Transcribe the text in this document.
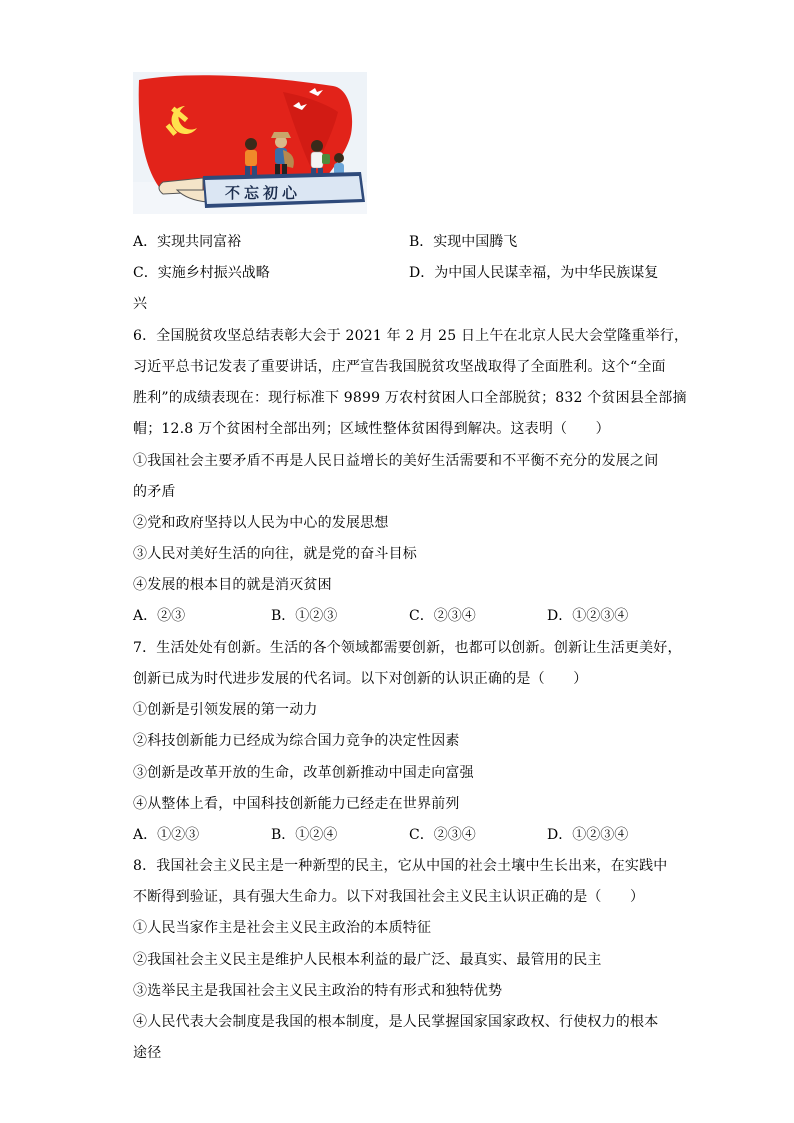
不忘初心
A．实现共同富裕	B．实现中国腾飞
C．实施乡村振兴战略	D．为中国人民谋幸福，为中华民族谋复
兴
6．全国脱贫攻坚总结表彰大会于 2021 年 2 月 25 日上午在北京人民大会堂隆重举行，
习近平总书记发表了重要讲话，庄严宣告我国脱贫攻坚战取得了全面胜利。这个“全面
胜利”的成绩表现在：现行标准下 9899 万农村贫困人口全部脱贫；832 个贫困县全部摘
帽；12.8 万个贫困村全部出列；区域性整体贫困得到解决。这表明（　　）
①我国社会主要矛盾不再是人民日益增长的美好生活需要和不平衡不充分的发展之间
的矛盾
②党和政府坚持以人民为中心的发展思想
③人民对美好生活的向往，就是党的奋斗目标
④发展的根本目的就是消灭贫困
A．②③	B．①②③	C．②③④	D．①②③④
7．生活处处有创新。生活的各个领域都需要创新，也都可以创新。创新让生活更美好，
创新已成为时代进步发展的代名词。以下对创新的认识正确的是（　　）
①创新是引领发展的第一动力
②科技创新能力已经成为综合国力竞争的决定性因素
③创新是改革开放的生命，改革创新推动中国走向富强
④从整体上看，中国科技创新能力已经走在世界前列
A．①②③	B．①②④	C．②③④	D．①②③④
8．我国社会主义民主是一种新型的民主，它从中国的社会土壤中生长出来，在实践中
不断得到验证，具有强大生命力。以下对我国社会主义民主认识正确的是（　　）
①人民当家作主是社会主义民主政治的本质特征
②我国社会主义民主是维护人民根本利益的最广泛、最真实、最管用的民主
③选举民主是我国社会主义民主政治的特有形式和独特优势
④人民代表大会制度是我国的根本制度，是人民掌握国家国家政权、行使权力的根本
途径
